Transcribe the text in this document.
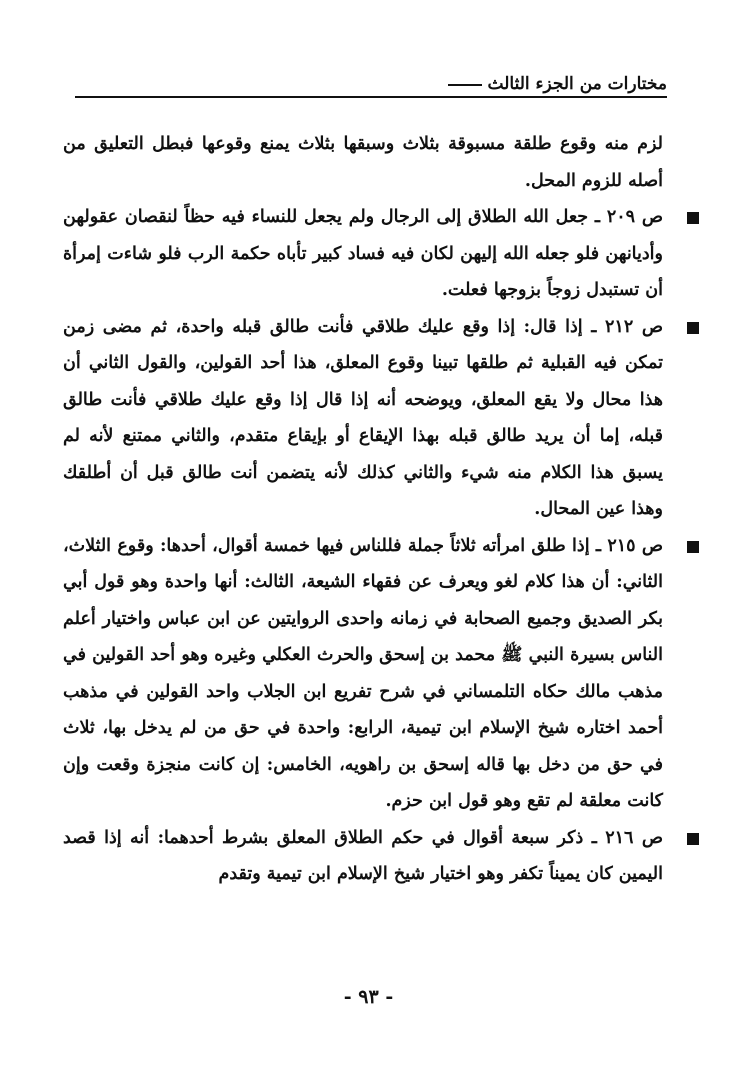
مختارات من الجزء الثالث

لزم منه وقوع طلقة مسبوقة بثلاث وسبقها بثلاث يمنع وقوعها فبطل التعليق من أصله للزوم المحل.

ص ٢٠٩ ـ جعل الله الطلاق إلى الرجال ولم يجعل للنساء فيه حظاً لنقصان عقولهن وأديانهن فلو جعله الله إليهن لكان فيه فساد كبير تأباه حكمة الرب فلو شاءت إمرأة أن تستبدل زوجاً بزوجها فعلت.

ص ٢١٢ ـ إذا قال: إذا وقع عليك طلاقي فأنت طالق قبله واحدة، ثم مضى زمن تمكن فيه القبلية ثم طلقها تبينا وقوع المعلق، هذا أحد القولين، والقول الثاني أن هذا محال ولا يقع المعلق، ويوضحه أنه إذا قال إذا وقع عليك طلاقي فأنت طالق قبله، إما أن يريد طالق قبله بهذا الإيقاع أو بإيقاع متقدم، والثاني ممتنع لأنه لم يسبق هذا الكلام منه شيء والثاني كذلك لأنه يتضمن أنت طالق قبل أن أطلقك وهذا عين المحال.

ص ٢١٥ ـ إذا طلق امرأته ثلاثاً جملة فللناس فيها خمسة أقوال، أحدها: وقوع الثلاث، الثاني: أن هذا كلام لغو ويعرف عن فقهاء الشيعة، الثالث: أنها واحدة وهو قول أبي بكر الصديق وجميع الصحابة في زمانه واحدى الروايتين عن ابن عباس واختيار أعلم الناس بسيرة النبي ﷺ محمد بن إسحق والحرث العكلي وغيره وهو أحد القولين في مذهب مالك حكاه التلمساني في شرح تفريع ابن الجلاب واحد القولين في مذهب أحمد اختاره شيخ الإسلام ابن تيمية، الرابع: واحدة في حق من لم يدخل بها، ثلاث في حق من دخل بها قاله إسحق بن راهويه، الخامس: إن كانت منجزة وقعت وإن كانت معلقة لم تقع وهو قول ابن حزم.

ص ٢١٦ ـ ذكر سبعة أقوال في حكم الطلاق المعلق بشرط أحدهما: أنه إذا قصد اليمين كان يميناً تكفر وهو اختيار شيخ الإسلام ابن تيمية وتقدم

- ٩٣ -
